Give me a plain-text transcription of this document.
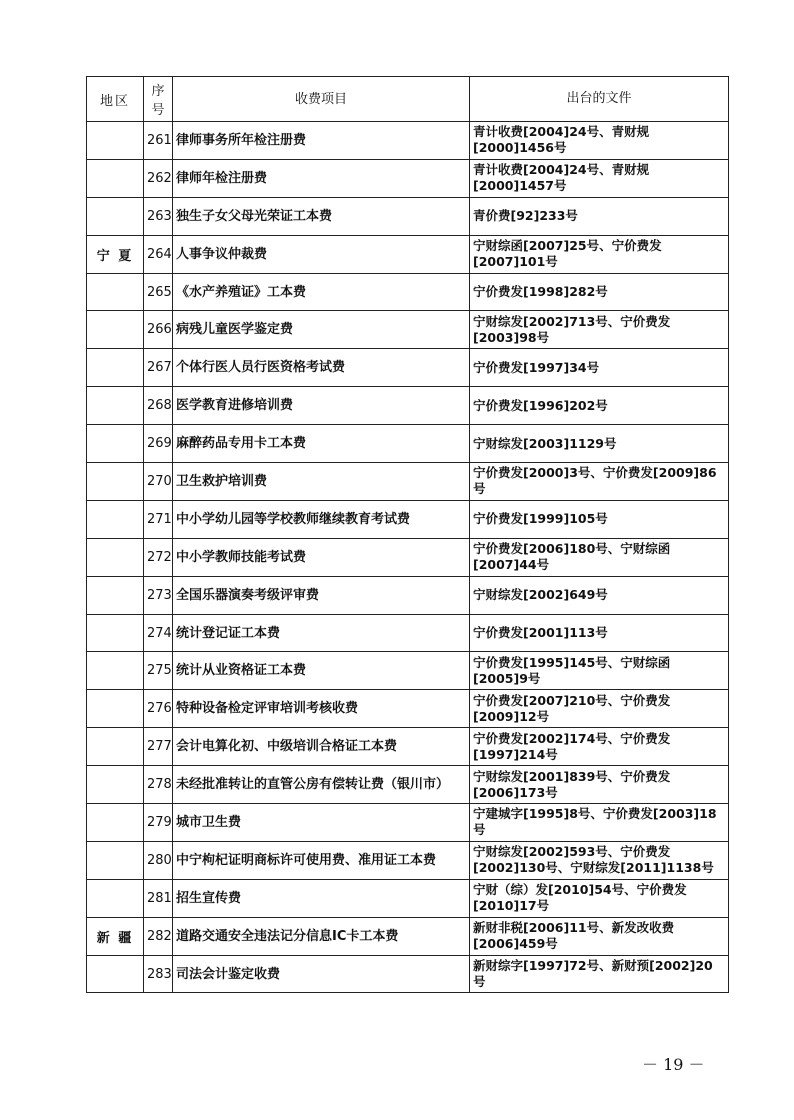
地区	序号	收费项目	出台的文件
	261	律师事务所年检注册费	青计收费[2004]24号、青财规[2000]1456号
	262	律师年检注册费	青计收费[2004]24号、青财规[2000]1457号
	263	独生子女父母光荣证工本费	青价费[92]233号
宁 夏	264	人事争议仲裁费	宁财综函[2007]25号、宁价费发[2007]101号
	265	《水产养殖证》工本费	宁价费发[1998]282号
	266	病残儿童医学鉴定费	宁财综发[2002]713号、宁价费发[2003]98号
	267	个体行医人员行医资格考试费	宁价费发[1997]34号
	268	医学教育进修培训费	宁价费发[1996]202号
	269	麻醉药品专用卡工本费	宁财综发[2003]1129号
	270	卫生救护培训费	宁价费发[2000]3号、宁价费发[2009]86号
	271	中小学幼儿园等学校教师继续教育考试费	宁价费发[1999]105号
	272	中小学教师技能考试费	宁价费发[2006]180号、宁财综函[2007]44号
	273	全国乐器演奏考级评审费	宁财综发[2002]649号
	274	统计登记证工本费	宁价费发[2001]113号
	275	统计从业资格证工本费	宁价费发[1995]145号、宁财综函[2005]9号
	276	特种设备检定评审培训考核收费	宁价费发[2007]210号、宁价费发[2009]12号
	277	会计电算化初、中级培训合格证工本费	宁价费发[2002]174号、宁价费发[1997]214号
	278	未经批准转让的直管公房有偿转让费（银川市）	宁财综发[2001]839号、宁价费发[2006]173号
	279	城市卫生费	宁建城字[1995]8号、宁价费发[2003]18号
	280	中宁枸杞证明商标许可使用费、准用证工本费	宁财综发[2002]593号、宁价费发[2002]130号、宁财综发[2011]1138号
	281	招生宣传费	宁财（综）发[2010]54号、宁价费发[2010]17号
新 疆	282	道路交通安全违法记分信息IC卡工本费	新财非税[2006]11号、新发改收费[2006]459号
	283	司法会计鉴定收费	新财综字[1997]72号、新财预[2002]20号
－ 19 －
